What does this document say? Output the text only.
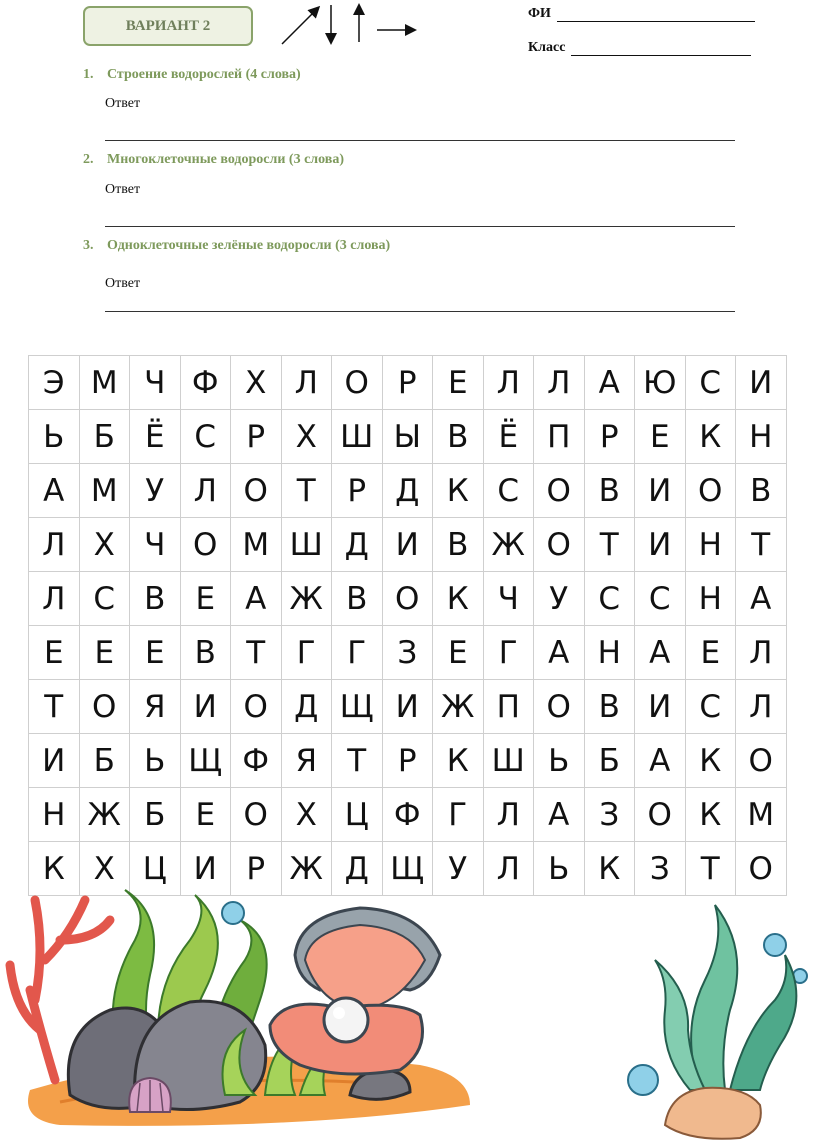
ВАРИАНТ 2
ФИ
Класс
1. Строение водорослей (4 слова)
Ответ
2. Многоклеточные водоросли (3 слова)
Ответ
3. Одноклеточные зелёные водоросли (3 слова)
Ответ
Э М Ч Ф Х Л О Р	Е Л Л А Ю С И
Ь Б Ё С Р Х Ш Ы В Ё П Р	Е К Н
А М У Л О Т	Р Д К С О В И О В
Л Х Ч О М Ш Д И В Ж О Т И Н Т
Л С В Е А Ж В О К Ч У С С Н А
Е Е Е В Т	Г	Г	З Е	Г А Н А Е Л
Т О Я И О Д Щ И Ж П О В И С Л
И Б Ь Щ Ф Я Т	Р К Ш Ь Б А К О
Н Ж Б Е О Х Ц Ф Г Л А З О К М
К Х Ц И Р Ж Д Щ У Л Ь К З	Т О
